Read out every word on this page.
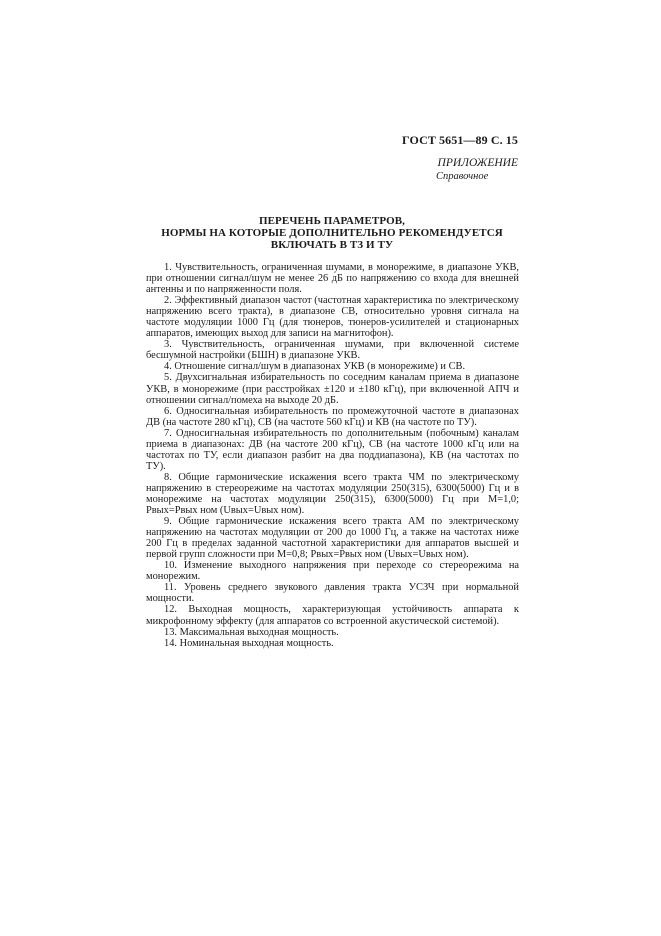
ГОСТ 5651—89 С. 15
ПРИЛОЖЕНИЕ
Справочное
ПЕРЕЧЕНЬ ПАРАМЕТРОВ,
НОРМЫ НА КОТОРЫЕ ДОПОЛНИТЕЛЬНО РЕКОМЕНДУЕТСЯ
ВКЛЮЧАТЬ В ТЗ И ТУ

1. Чувствительность, ограниченная шумами, в монорежиме, в диапазоне УКВ, при отношении сигнал/шум не менее 26 дБ по напряжению со входа для внешней антенны и по напряженности поля.

2. Эффективный диапазон частот (частотная характеристика по электрическому напряжению всего тракта), в диапазоне СВ, относительно уровня сигнала на частоте модуляции 1000 Гц (для тюнеров, тюнеров-усилителей и стационарных аппаратов, имеющих выход для записи на магнитофон).

3. Чувствительность, ограниченная шумами, при включенной системе бесшумной настройки (БШН) в диапазоне УКВ.

4. Отношение сигнал/шум в диапазонах УКВ (в монорежиме) и СВ.

5. Двухсигнальная избирательность по соседним каналам приема в диапазоне УКВ, в монорежиме (при расстройках ±120 и ±180 кГц), при включенной АПЧ и отношении сигнал/помеха на выходе 20 дБ.

6. Односигнальная избирательность по промежуточной частоте в диапазонах ДВ (на частоте 280 кГц), СВ (на частоте 560 кГц) и КВ (на частоте по ТУ).

7. Односигнальная избирательность по дополнительным (побочным) каналам приема в диапазонах: ДВ (на частоте 200 кГц), СВ (на частоте 1000 кГц или на частотах по ТУ, если диапазон разбит на два поддиапазона), КВ (на частотах по ТУ).

8. Общие гармонические искажения всего тракта ЧМ по электрическому напряжению в стереорежиме на частотах модуляции 250(315), 6300(5000) Гц и в монорежиме на частотах модуляции 250(315), 6300(5000) Гц при М=1,0; Pвых=Pвых ном (Uвых=Uвых ном).

9. Общие гармонические искажения всего тракта АМ по электрическому напряжению на частотах модуляции от 200 до 1000 Гц, а также на частотах ниже 200 Гц в пределах заданной частотной характеристики для аппаратов высшей и первой групп сложности при М=0,8; Pвых=Pвых ном (Uвых=Uвых ном).

10. Изменение выходного напряжения при переходе со стереорежима на монорежим.

11. Уровень среднего звукового давления тракта УСЗЧ при нормальной мощности.

12. Выходная мощность, характеризующая устойчивость аппарата к микрофонному эффекту (для аппаратов со встроенной акустической системой).

13. Максимальная выходная мощность.

14. Номинальная выходная мощность.
